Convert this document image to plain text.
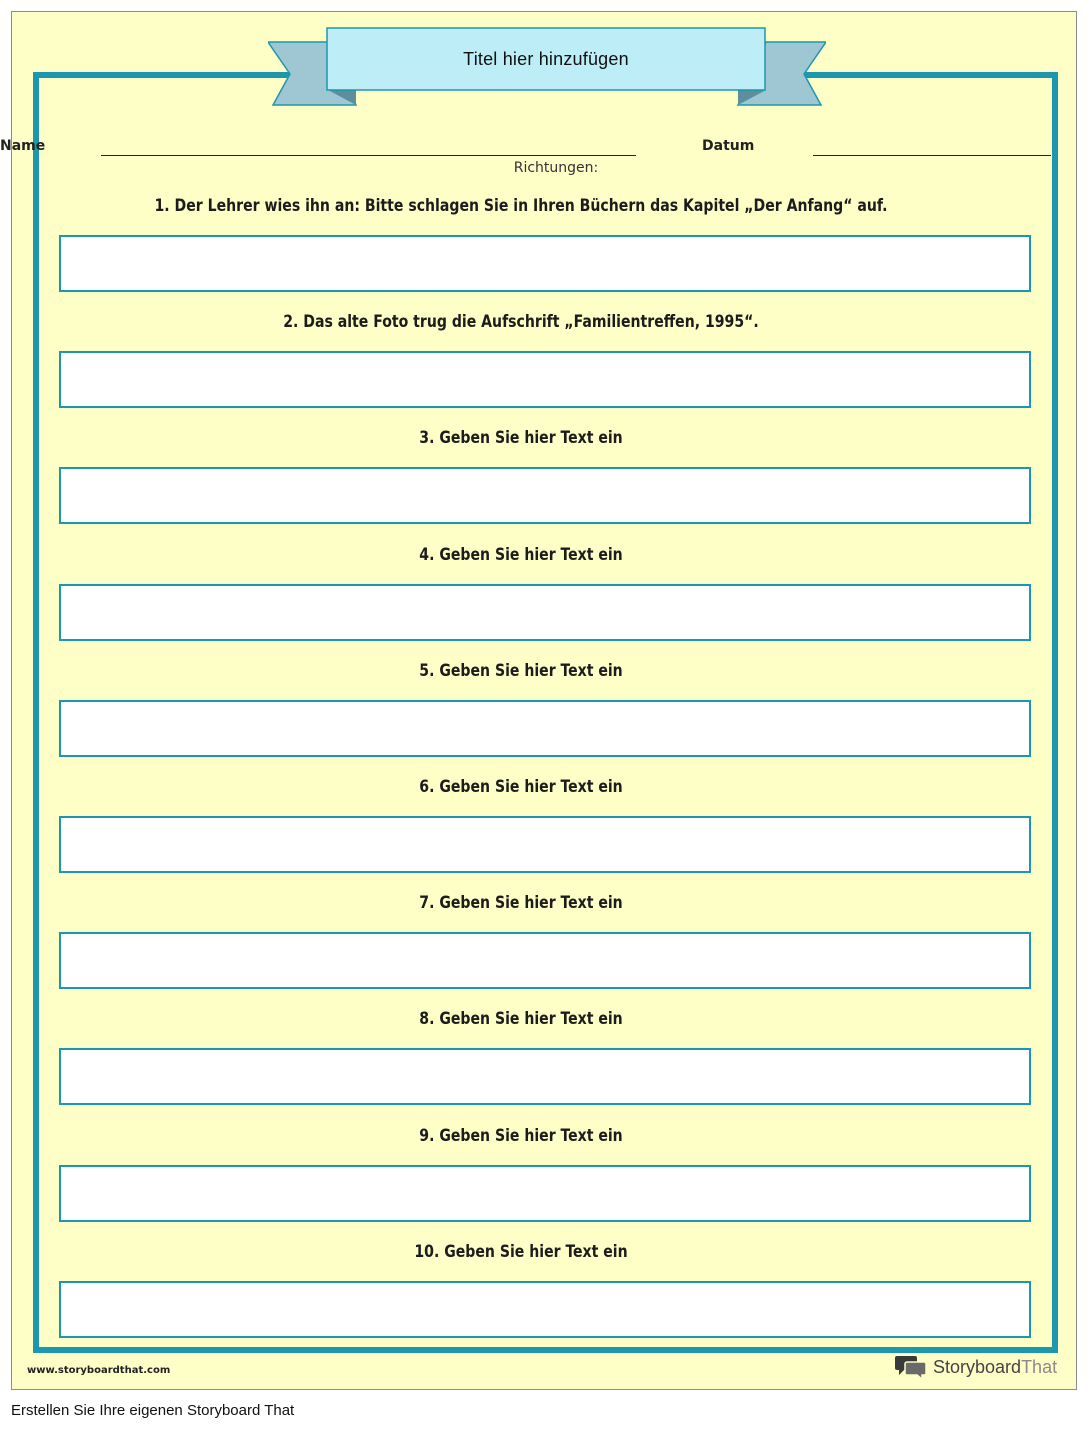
Titel hier hinzufügen
Name	Datum
Richtungen:
1. Der Lehrer wies ihn an: Bitte schlagen Sie in Ihren Büchern das Kapitel „Der Anfang“ auf.
2. Das alte Foto trug die Aufschrift „Familientreffen, 1995“.
3. Geben Sie hier Text ein
4. Geben Sie hier Text ein
5. Geben Sie hier Text ein
6. Geben Sie hier Text ein
7. Geben Sie hier Text ein
8. Geben Sie hier Text ein
9. Geben Sie hier Text ein
10. Geben Sie hier Text ein
www.storyboardthat.com	StoryboardThat
Erstellen Sie Ihre eigenen Storyboard That
